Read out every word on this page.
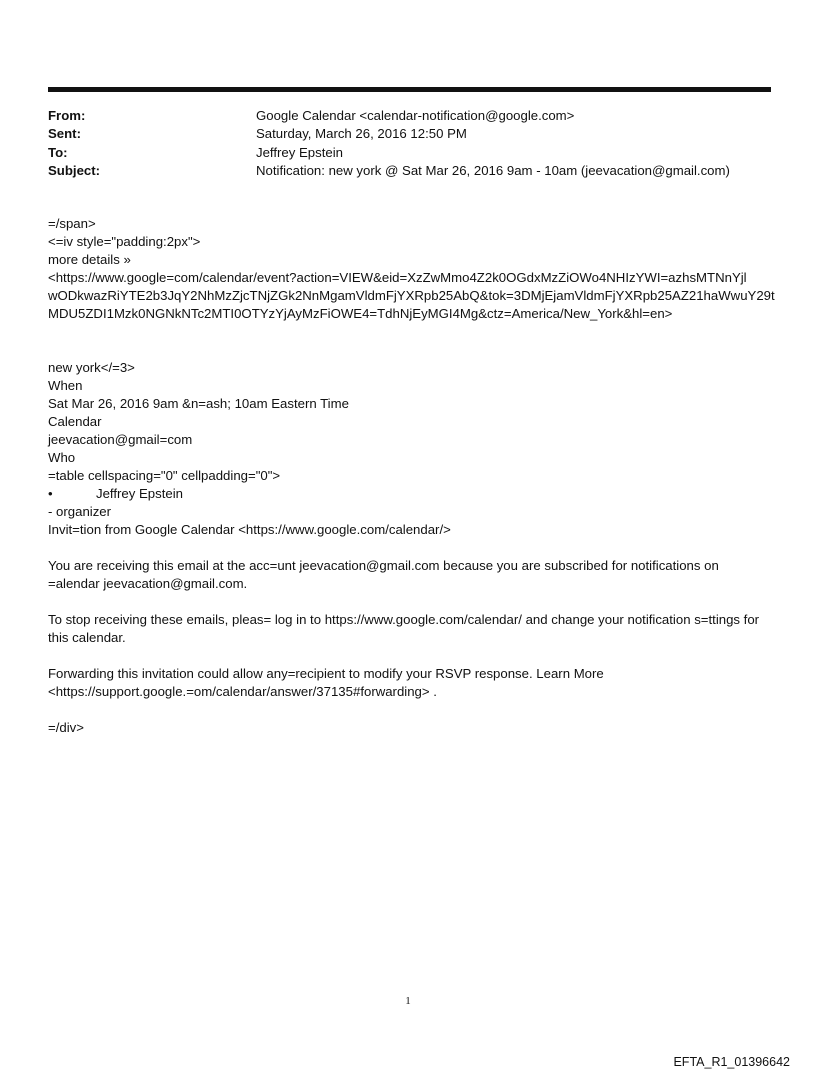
From:	Google Calendar <calendar-notification@google.com>
Sent:	Saturday, March 26, 2016 12:50 PM
To:	Jeffrey Epstein
Subject:	Notification: new york @ Sat Mar 26, 2016 9am - 10am (jeevacation@gmail.com)
=/span>
<=iv style="padding:2px">
more details »
<https://www.google=com/calendar/event?action=VIEW&eid=XzZwMmo4Z2k0OGdxMzZiOWo4NHIzYWI=azhsMTNnYjl
wODkwazRiYTE2b3JqY2NhMzZjcTNjZGk2NnMgamVldmFjYXRpb25AbQ&tok=3DMjEjamVldmFjYXRpb25AZ21haWwuY29t
MDU5ZDI1Mzk0NGNkNTc2MTI0OTYzYjAyMzFiOWE4=TdhNjEyMGI4Mg&ctz=America/New_York&hl=en>
new york</=3>
When
Sat Mar 26, 2016 9am &n=ash; 10am Eastern Time
Calendar
jeevacation@gmail=com
Who
=table cellspacing="0" cellpadding="0">
•	Jeffrey Epstein
- organizer
Invit=tion from Google Calendar <https://www.google.com/calendar/>
You are receiving this email at the acc=unt jeevacation@gmail.com because you are subscribed for notifications on =alendar jeevacation@gmail.com.
To stop receiving these emails, pleas= log in to https://www.google.com/calendar/ and change your notification s=ttings for this calendar.
Forwarding this invitation could allow any=recipient to modify your RSVP response. Learn More
<https://support.google.=om/calendar/answer/37135#forwarding> .
=/div>
1
EFTA_R1_01396642
